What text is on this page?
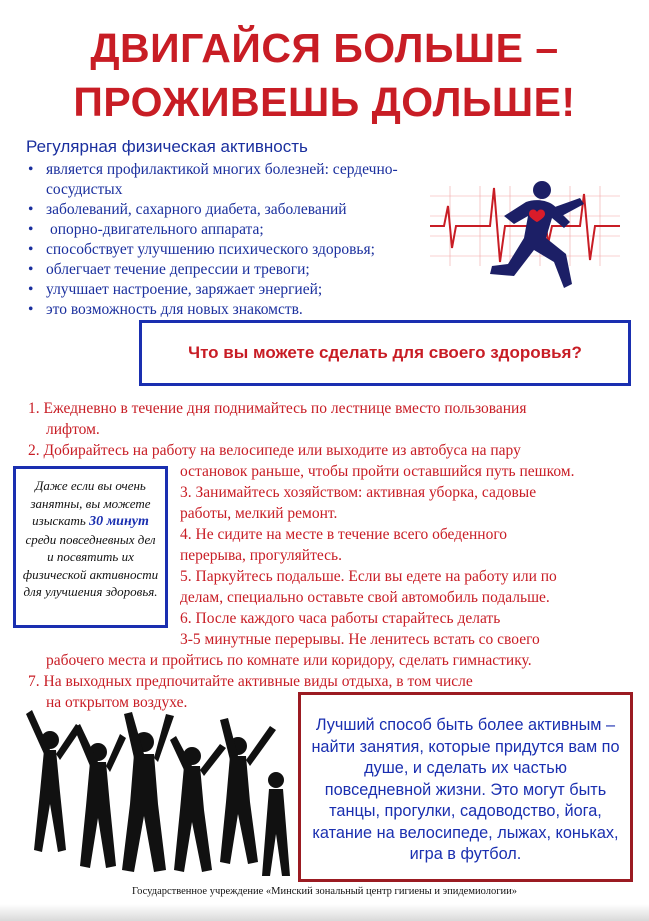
ДВИГАЙСЯ БОЛЬШЕ –
ПРОЖИВЕШЬ ДОЛЬШЕ!
Регулярная физическая активность
• является профилактикой многих болезней: сердечно-сосудистых
• заболеваний, сахарного диабета, заболеваний
• опорно-двигательного аппарата;
• способствует улучшению психического здоровья;
• облегчает течение депрессии и тревоги;
• улучшает настроение, заряжает энергией;
• это возможность для новых знакомств.
Что вы можете сделать для своего здоровья?
1. Ежедневно в течение дня поднимайтесь по лестнице вместо пользования
лифтом.
2. Добирайтесь на работу на велосипеде или выходите из автобуса на пару
остановок раньше, чтобы пройти оставшийся путь пешком.
3. Занимайтесь хозяйством: активная уборка, садовые
работы, мелкий ремонт.
4. Не сидите на месте в течение всего обеденного
перерыва, прогуляйтесь.
5. Паркуйтесь подальше. Если вы едете на работу или по
делам, специально оставьте свой автомобиль подальше.
6. После каждого часа работы старайтесь делать
3-5 минутные перерывы. Не ленитесь встать со своего
рабочего места и пройтись по комнате или коридору, сделать гимнастику.
7. На выходных предпочитайте активные виды отдыха, в том числе
на открытом воздухе.
Даже если вы очень занятны, вы можете изыскать 30 минут среди повседневных дел и посвятить их физической активности для улучшения здоровья.
Лучший способ быть более активным – найти занятия, которые придутся вам по душе, и сделать их частью повседневной жизни. Это могут быть танцы, прогулки, садоводство, йога, катание на велосипеде, лыжах, коньках, игра в футбол.
Государственное учреждение «Минский зональный центр гигиены и эпидемиологии»
